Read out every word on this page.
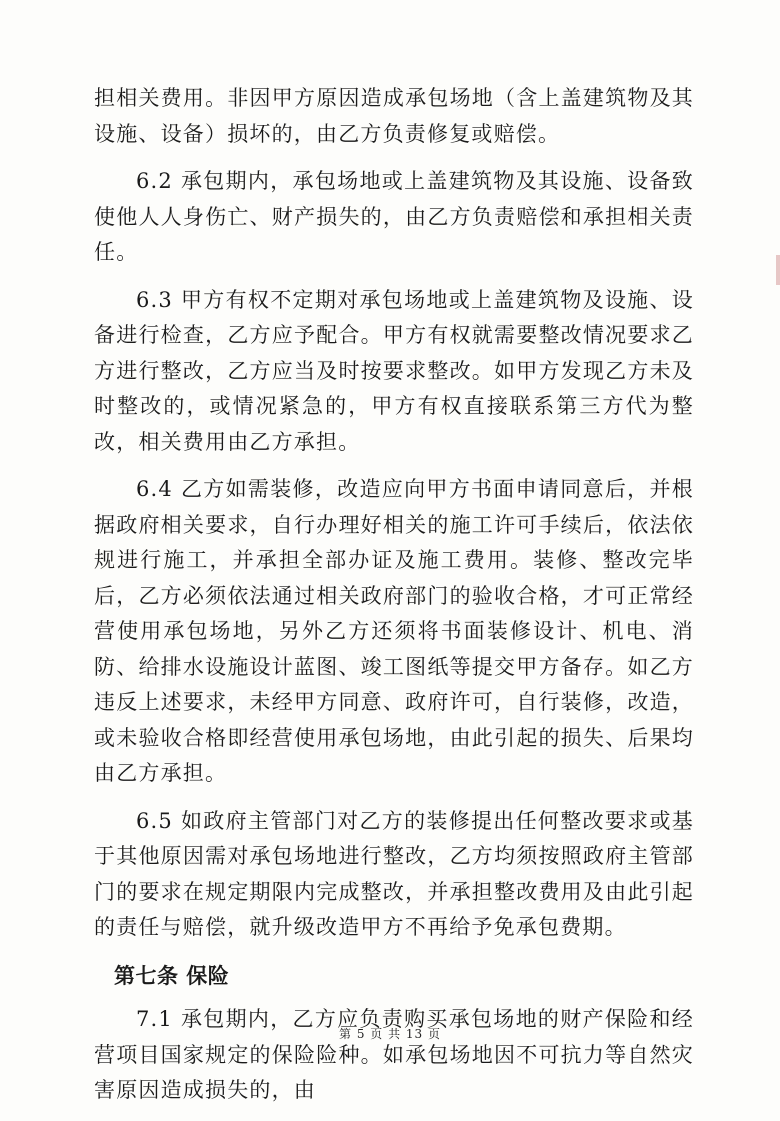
担相关费用。非因甲方原因造成承包场地（含上盖建筑物及其设施、设备）损坏的，由乙方负责修复或赔偿。

6.2 承包期内，承包场地或上盖建筑物及其设施、设备致使他人人身伤亡、财产损失的，由乙方负责赔偿和承担相关责任。

6.3 甲方有权不定期对承包场地或上盖建筑物及设施、设备进行检查，乙方应予配合。甲方有权就需要整改情况要求乙方进行整改，乙方应当及时按要求整改。如甲方发现乙方未及时整改的，或情况紧急的，甲方有权直接联系第三方代为整改，相关费用由乙方承担。

6.4 乙方如需装修，改造应向甲方书面申请同意后，并根据政府相关要求，自行办理好相关的施工许可手续后，依法依规进行施工，并承担全部办证及施工费用。装修、整改完毕后，乙方必须依法通过相关政府部门的验收合格，才可正常经营使用承包场地，另外乙方还须将书面装修设计、机电、消防、给排水设施设计蓝图、竣工图纸等提交甲方备存。如乙方违反上述要求，未经甲方同意、政府许可，自行装修，改造，或未验收合格即经营使用承包场地，由此引起的损失、后果均由乙方承担。

6.5 如政府主管部门对乙方的装修提出任何整改要求或基于其他原因需对承包场地进行整改，乙方均须按照政府主管部门的要求在规定期限内完成整改，并承担整改费用及由此引起的责任与赔偿，就升级改造甲方不再给予免承包费期。

第七条 保险

7.1 承包期内，乙方应负责购买承包场地的财产保险和经营项目国家规定的保险险种。如承包场地因不可抗力等自然灾害原因造成损失的，由

第 5 页 共 13 页
